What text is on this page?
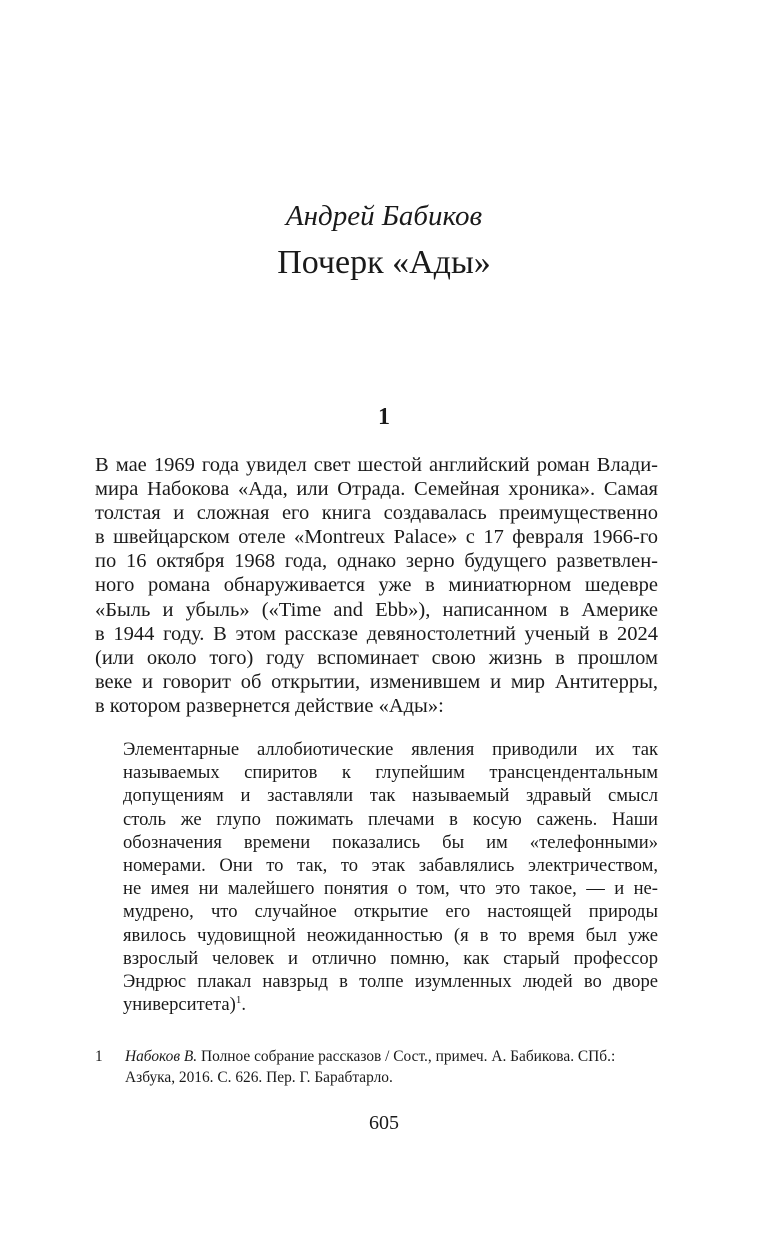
Андрей Бабиков
Почерк «Ады»
1
В мае 1969 года увидел свет шестой английский роман Влади-
мира Набокова «Ада, или Отрада. Семейная хроника». Самая
толстая и сложная его книга создавалась преимущественно
в швейцарском отеле «Montreux Palace» с 17 февраля 1966-го
по 16 октября 1968 года, однако зерно будущего разветвлен-
ного романа обнаруживается уже в миниатюрном шедевре
«Быль и убыль» («Time and Ebb»), написанном в Америке
в 1944 году. В этом рассказе девяностолетний ученый в 2024
(или около того) году вспоминает свою жизнь в прошлом
веке и говорит об открытии, изменившем и мир Антитерры,
в котором развернется действие «Ады»:
Элементарные аллобиотические явления приводили их так
называемых спиритов к глупейшим трансцендентальным
допущениям и заставляли так называемый здравый смысл
столь же глупо пожимать плечами в косую сажень. Наши
обозначения времени показались бы им «телефонными»
номерами. Они то так, то этак забавлялись электричеством,
не имея ни малейшего понятия о том, что это такое, — и не-
мудрено, что случайное открытие его настоящей природы
явилось чудовищной неожиданностью (я в то время был уже
взрослый человек и отлично помню, как старый профессор
Эндрюс плакал навзрыд в толпе изумленных людей во дворе
университета)$^1$.
1 Набоков В. Полное собрание рассказов / Сост., примеч. А. Бабикова. СПб.:
Азбука, 2016. С. 626. Пер. Г. Барабтарло.
605
